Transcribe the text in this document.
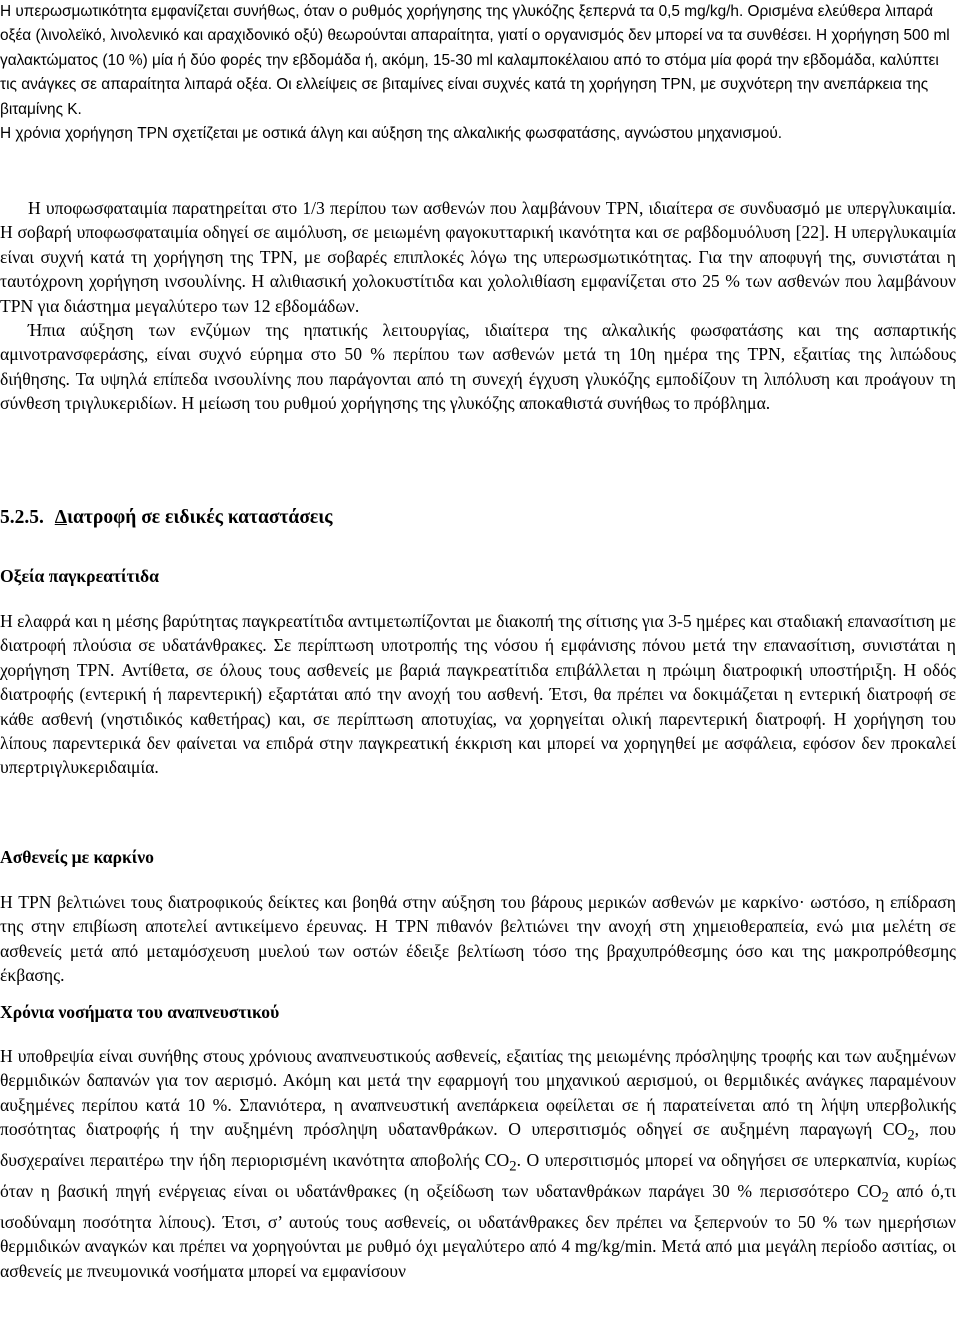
Η υπερωσμωτικότητα εμφανίζεται συνήθως, όταν ο ρυθμός χορήγησης της γλυκόζης ξεπερνά τα 0,5 mg/kg/h. Ορισμένα ελεύθερα λιπαρά οξέα (λινολεϊκό, λινολενικό και αραχιδονικό οξύ) θεωρούνται απαραίτητα, γιατί ο οργανισμός δεν μπορεί να τα συνθέσει. Η χορήγηση 500 ml γαλακτώματος (10 %) μία ή δύο φορές την εβδομάδα ή, ακόμη, 15-30 ml καλαμποκέλαιου από το στόμα μία φορά την εβδομάδα, καλύπτει τις ανάγκες σε απαραίτητα λιπαρά οξέα. Οι ελλείψεις σε βιταμίνες είναι συχνές κατά τη χορήγηση TPN, με συχνότερη την ανεπάρκεια της βιταμίνης Κ.

Η χρόνια χορήγηση TPN σχετίζεται με οστικά άλγη και αύξηση της αλκαλικής φωσφατάσης, αγνώστου μηχανισμού.

Η υποφωσφαταιμία παρατηρείται στο 1/3 περίπου των ασθενών που λαμβάνουν TPN, ιδιαίτερα σε συνδυασμό με υπεργλυκαιμία. Η σοβαρή υποφωσφαταιμία οδηγεί σε αιμόλυση, σε μειωμένη φαγοκυτταρική ικανότητα και σε ραβδομυόλυση [22]. Η υπεργλυκαιμία είναι συχνή κατά τη χορήγηση της TPN, με σοβαρές επιπλοκές λόγω της υπερωσμωτικότητας. Για την αποφυγή της, συνιστάται η ταυτόχρονη χορήγηση ινσουλίνης. Η αλιθιασική χολοκυστίτιδα και χολολιθίαση εμφανίζεται στο 25 % των ασθενών που λαμβάνουν TPN για διάστημα μεγαλύτερο των 12 εβδομάδων.

Ήπια αύξηση των ενζύμων της ηπατικής λειτουργίας, ιδιαίτερα της αλκαλικής φωσφατάσης και της ασπαρτικής αμινοτρανσφεράσης, είναι συχνό εύρημα στο 50 % περίπου των ασθενών μετά τη 10η ημέρα της TPN, εξαιτίας της λιπώδους διήθησης. Τα υψηλά επίπεδα ινσουλίνης που παράγονται από τη συνεχή έγχυση γλυκόζης εμποδίζουν τη λιπόλυση και προάγουν τη σύνθεση τριγλυκεριδίων. Η μείωση του ρυθμού χορήγησης της γλυκόζης αποκαθιστά συνήθως το πρόβλημα.

5.2.5. Διατροφή σε ειδικές καταστάσεις
Οξεία παγκρεατίτιδα

Η ελαφρά και η μέσης βαρύτητας παγκρεατίτιδα αντιμετωπίζονται με διακοπή της σίτισης για 3-5 ημέρες και σταδιακή επανασίτιση με διατροφή πλούσια σε υδατάνθρακες. Σε περίπτωση υποτροπής της νόσου ή εμφάνισης πόνου μετά την επανασίτιση, συνιστάται η χορήγηση TPN. Αντίθετα, σε όλους τους ασθενείς με βαριά παγκρεατίτιδα επιβάλλεται η πρώιμη διατροφική υποστήριξη. Η οδός διατροφής (εντερική ή παρεντερική) εξαρτάται από την ανοχή του ασθενή. Έτσι, θα πρέπει να δοκιμάζεται η εντερική διατροφή σε κάθε ασθενή (νηστιδικός καθετήρας) και, σε περίπτωση αποτυχίας, να χορηγείται ολική παρεντερική διατροφή. Η χορήγηση του λίπους παρεντερικά δεν φαίνεται να επιδρά στην παγκρεατική έκκριση και μπορεί να χορηγηθεί με ασφάλεια, εφόσον δεν προκαλεί υπερτριγλυκεριδαιμία.

Ασθενείς με καρκίνο

Η TPN βελτιώνει τους διατροφικούς δείκτες και βοηθά στην αύξηση του βάρους μερικών ασθενών με καρκίνο· ωστόσο, η επίδραση της στην επιβίωση αποτελεί αντικείμενο έρευνας. Η TPN πιθανόν βελτιώνει την ανοχή στη χημειοθεραπεία, ενώ μια μελέτη σε ασθενείς μετά από μεταμόσχευση μυελού των οστών έδειξε βελτίωση τόσο της βραχυπρόθεσμης όσο και της μακροπρόθεσμης έκβασης.

Χρόνια νοσήματα του αναπνευστικού

Η υποθρεψία είναι συνήθης στους χρόνιους αναπνευστικούς ασθενείς, εξαιτίας της μειωμένης πρόσληψης τροφής και των αυξημένων θερμιδικών δαπανών για τον αερισμό. Ακόμη και μετά την εφαρμογή του μηχανικού αερισμού, οι θερμιδικές ανάγκες παραμένουν αυξημένες περίπου κατά 10 %. Σπανιότερα, η αναπνευστική ανεπάρκεια οφείλεται σε ή παρατείνεται από τη λήψη υπερβολικής ποσότητας διατροφής ή την αυξημένη πρόσληψη υδατανθράκων. Ο υπερσιτισμός οδηγεί σε αυξημένη παραγωγή $CO_2$, που δυσχεραίνει περαιτέρω την ήδη περιορισμένη ικανότητα αποβολής $CO_2$. Ο υπερσιτισμός μπορεί να οδηγήσει σε υπερκαπνία, κυρίως όταν η βασική πηγή ενέργειας είναι οι υδατάνθρακες (η οξείδωση των υδατανθράκων παράγει 30 % περισσότερο $CO_2$ από ό,τι ισοδύναμη ποσότητα λίπους). Έτσι, σ’ αυτούς τους ασθενείς, οι υδατάνθρακες δεν πρέπει να ξεπερνούν το 50 % των ημερήσιων θερμιδικών αναγκών και πρέπει να χορηγούνται με ρυθμό όχι μεγαλύτερο από 4 mg/kg/min. Μετά από μια μεγάλη περίοδο ασιτίας, οι ασθενείς με πνευμονικά νοσήματα μπορεί να εμφανίσουν
